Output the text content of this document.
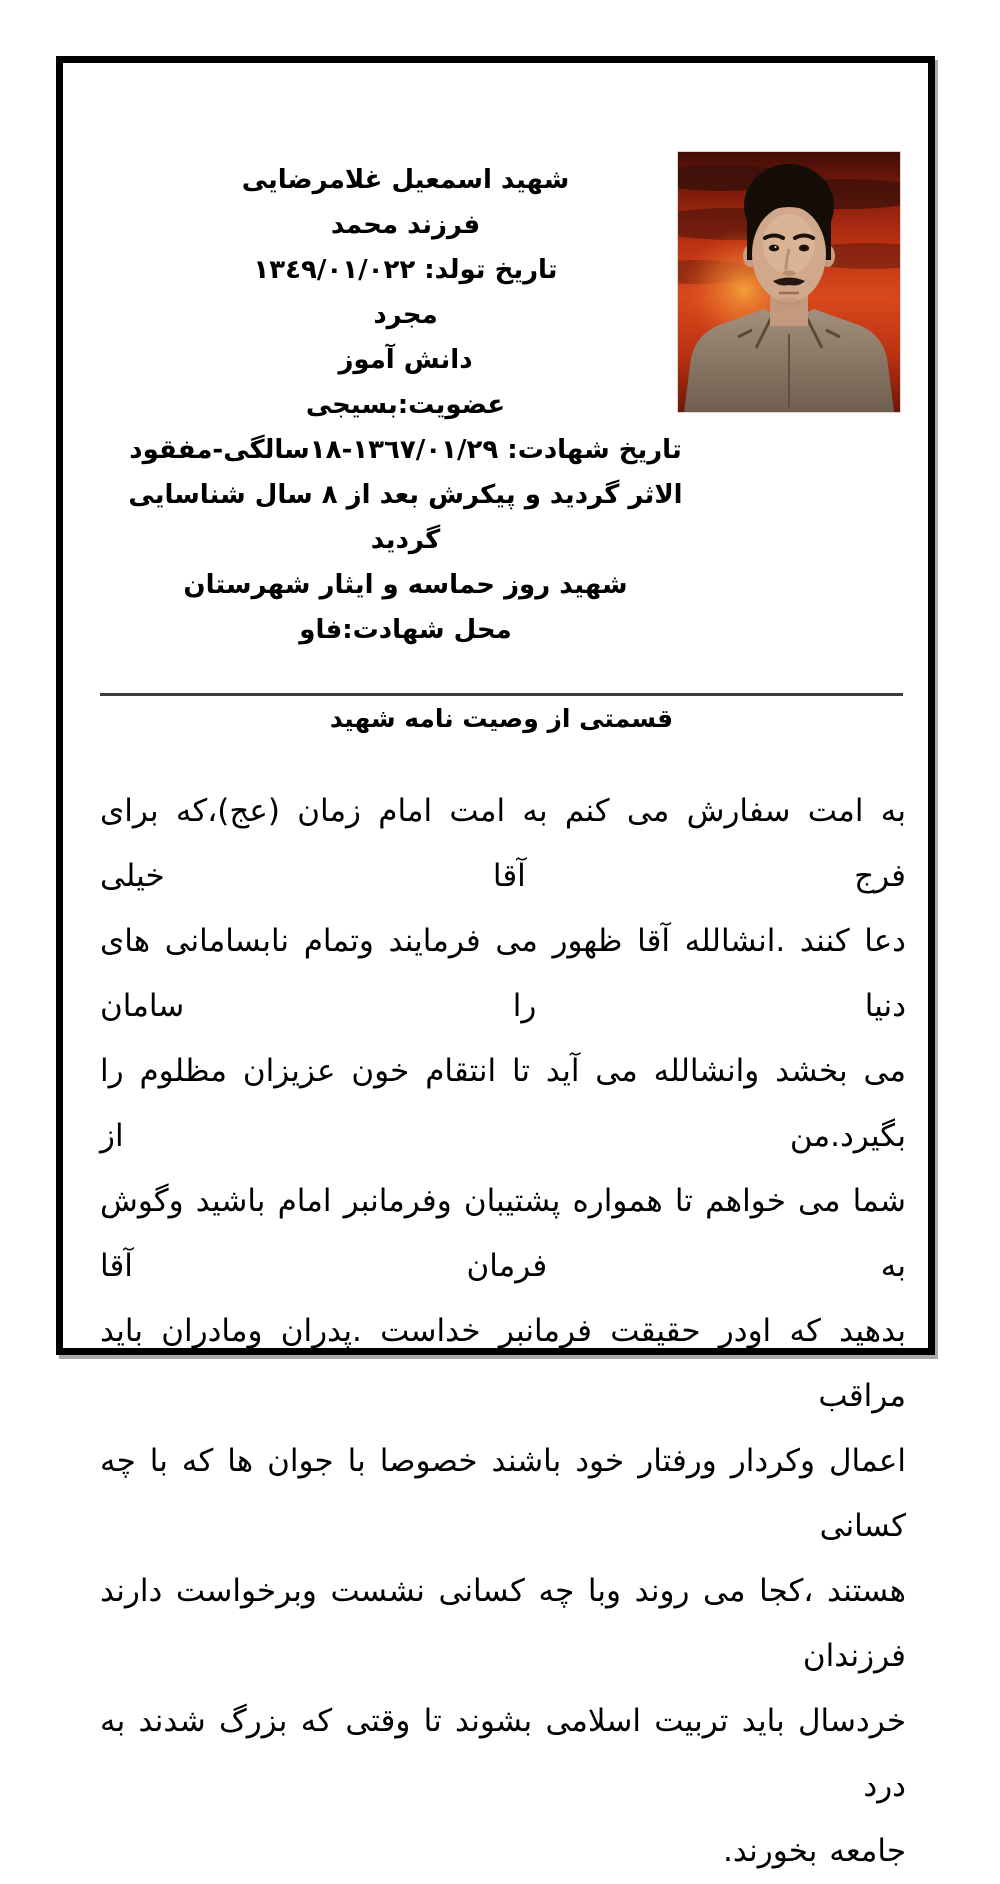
شهید اسمعیل غلامرضایی
فرزند محمد
تاریخ تولد: ١٣٤٩/٠١/٠٢٢
مجرد
دانش آموز
عضویت:بسیجی
تاریخ شهادت: ١٣٦٧/٠١/٢٩-١٨سالگی-مفقود
الاثر گردید و پیکرش بعد از ٨ سال شناسایی گردید
شهید روز حماسه و ایثار شهرستان
محل شهادت:فاو
قسمتی از وصیت نامه شهید
به امت سفارش می کنم به امت امام زمان (عج)،که برای فرج آقا خیلی
دعا کنند .انشالله آقا ظهور می فرمایند وتمام نابسامانی های دنیا را سامان
می بخشد وانشالله می آید تا انتقام خون عزیزان مظلوم را بگیرد.من از
شما می خواهم تا همواره پشتیبان وفرمانبر امام باشید وگوش به فرمان آقا
بدهید که اودر حقیقت فرمانبر خداست .پدران ومادران باید مراقب
اعمال وکردار ورفتار خود باشند خصوصا با جوان ها که با چه کسانی
هستند ،کجا می روند وبا چه کسانی نشست وبرخواست دارند فرزندان
خردسال باید تربیت اسلامی بشوند تا وقتی که بزرگ شدند به درد
جامعه بخورند.
